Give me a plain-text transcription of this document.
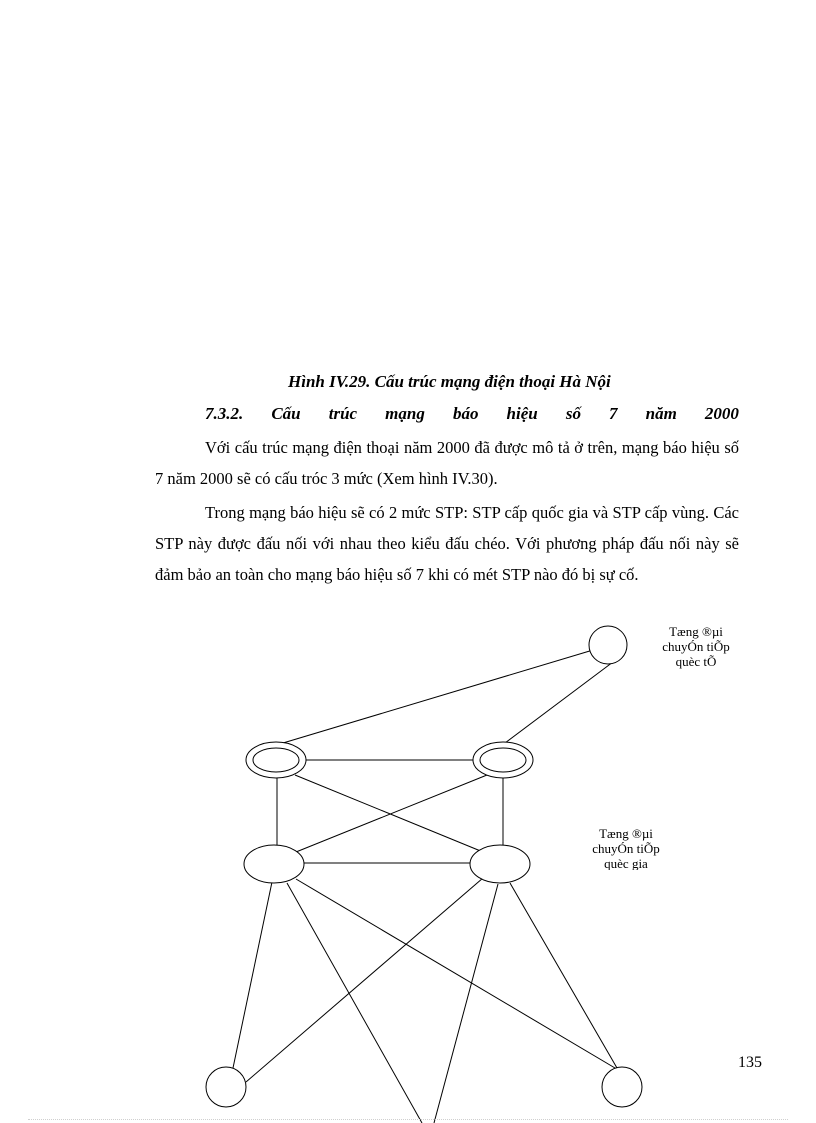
Hình IV.29. Cấu trúc mạng điện thoại Hà Nội
7.3.2. Cấu trúc mạng báo hiệu số 7 năm 2000

Với cấu trúc mạng điện thoại năm 2000 đã được mô tả ở trên, mạng báo hiệu số 7 năm 2000 sẽ có cấu tróc 3 mức (Xem hình IV.30).

Trong mạng báo hiệu sẽ có 2 mức STP: STP cấp quốc gia và STP cấp vùng. Các STP này được đấu nối với nhau theo kiểu đấu chéo. Với phương pháp đấu nối này sẽ đảm bảo an toàn cho mạng báo hiệu số 7 khi có mét STP nào đó bị sự cố.

Tæng ®µi
chuyÓn tiÕp
quèc tÕ
Tæng ®µi
chuyÓn tiÕp
quèc gia
135
